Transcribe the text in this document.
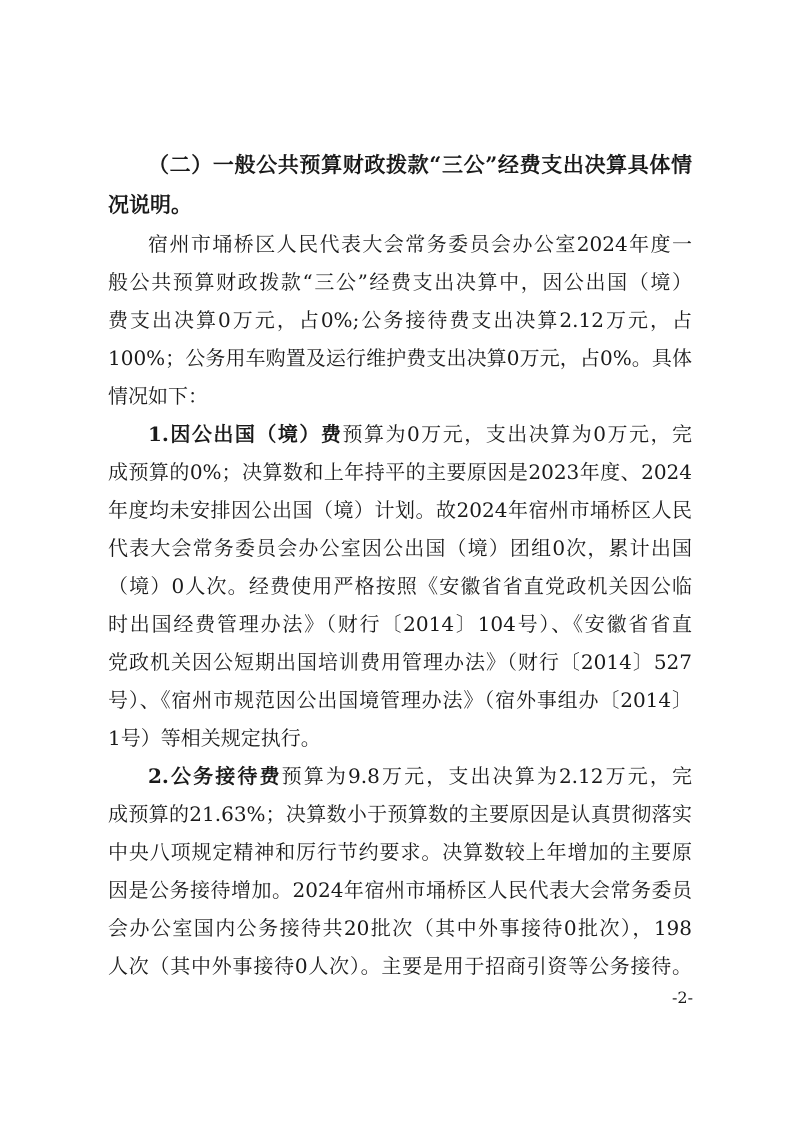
（二）一般公共预算财政拨款“三公”经费支出决算具体情
况说明。
宿州市埇桥区人民代表大会常务委员会办公室2024年度一
般公共预算财政拨款“三公”经费支出决算中，因公出国（境）
费支出决算0万元，占0%;公务接待费支出决算2.12万元，占
100%；公务用车购置及运行维护费支出决算0万元，占0%。具体
情况如下：
1.因公出国（境）费预算为0万元，支出决算为0万元，完
成预算的0%；决算数和上年持平的主要原因是2023年度、2024
年度均未安排因公出国（境）计划。故2024年宿州市埇桥区人民
代表大会常务委员会办公室因公出国（境）团组0次，累计出国
（境）0人次。经费使用严格按照《安徽省省直党政机关因公临
时出国经费管理办法》（财行〔2014〕104号）、《安徽省省直
党政机关因公短期出国培训费用管理办法》（财行〔2014〕527
号）、《宿州市规范因公出国境管理办法》（宿外事组办〔2014〕
1号）等相关规定执行。
2.公务接待费预算为9.8万元，支出决算为2.12万元，完
成预算的21.63%；决算数小于预算数的主要原因是认真贯彻落实
中央八项规定精神和厉行节约要求。决算数较上年增加的主要原
因是公务接待增加。2024年宿州市埇桥区人民代表大会常务委员
会办公室国内公务接待共20批次（其中外事接待0批次），198
人次（其中外事接待0人次）。主要是用于招商引资等公务接待。
-2-
